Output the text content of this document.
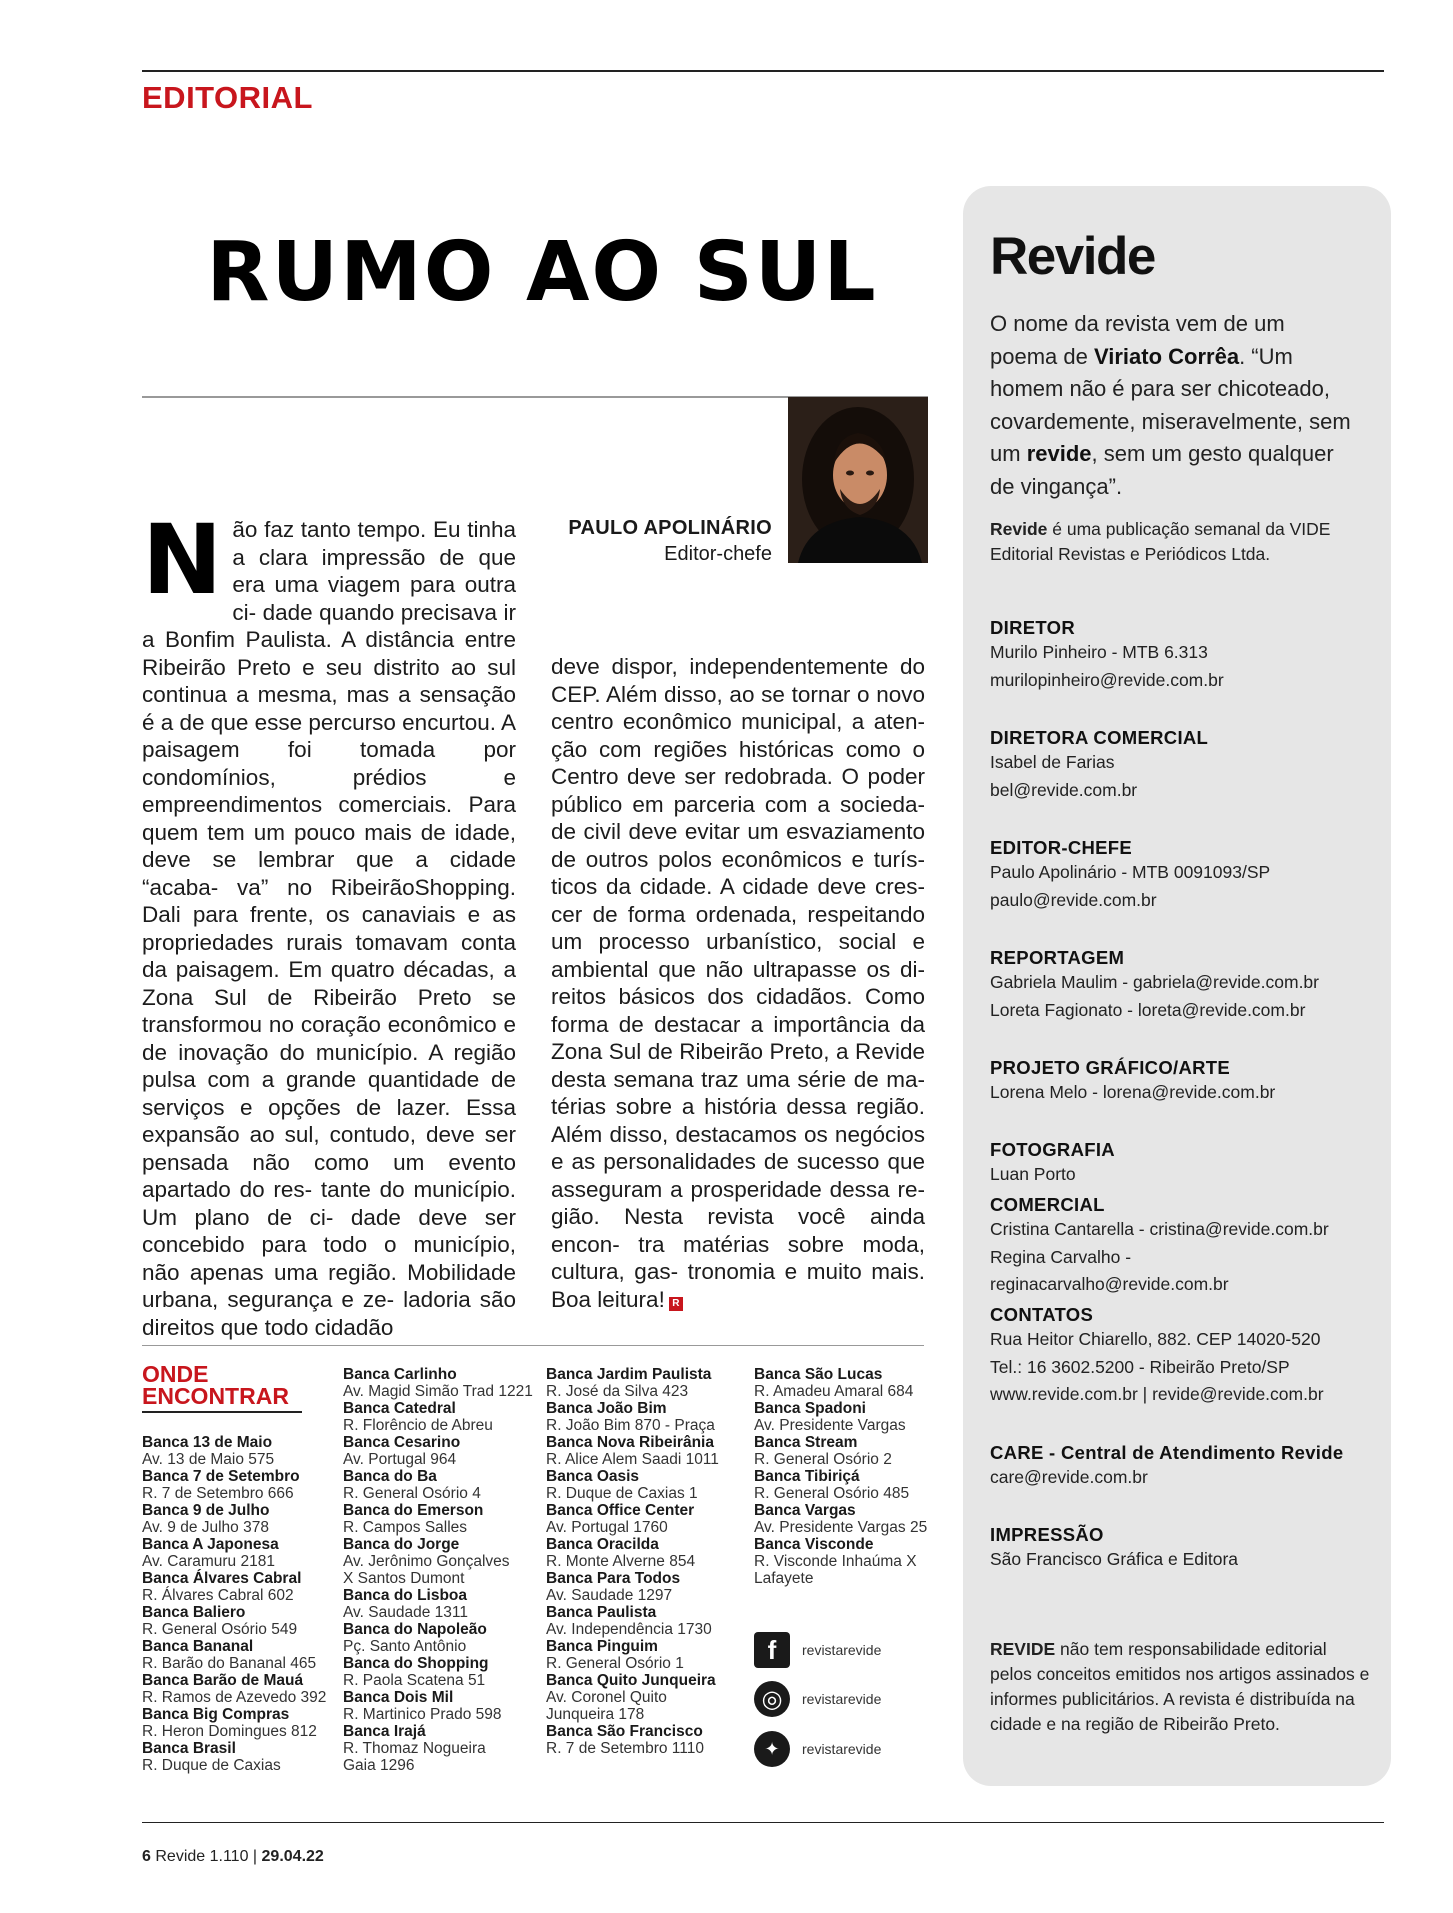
EDITORIAL
RUMO AO SUL
PAULO APOLINÁRIO
Editor-chefe
N ão faz tanto tempo. Eu tinha a clara impressão de que era uma viagem para outra ci- dade quando precisava ir a Bonfim Paulista. A distância entre Ribeirão Preto e seu distrito ao sul continua a mesma, mas a sensação é a de que esse percurso encurtou. A paisagem foi tomada por condomínios, prédios e empreendimentos comerciais. Para quem tem um pouco mais de idade, deve se lembrar que a cidade “acaba- va” no RibeirãoShopping. Dali para frente, os canaviais e as propriedades rurais tomavam conta da paisagem. Em quatro décadas, a Zona Sul de Ribeirão Preto se transformou no coração econômico e de inovação do município. A região pulsa com a grande quantidade de serviços e opções de lazer. Essa expansão ao sul, contudo, deve ser pensada não como um evento apartado do res- tante do município. Um plano de ci- dade deve ser concebido para todo o município, não apenas uma região. Mobilidade urbana, segurança e ze- ladoria são direitos que todo cidadão

deve dispor, independentemente do CEP. Além disso, ao se tornar o novo centro econômico municipal, a aten- ção com regiões históricas como o Centro deve ser redobrada. O poder público em parceria com a socieda- de civil deve evitar um esvaziamento de outros polos econômicos e turís- ticos da cidade. A cidade deve cres- cer de forma ordenada, respeitando um processo urbanístico, social e ambiental que não ultrapasse os di- reitos básicos dos cidadãos. Como forma de destacar a importância da Zona Sul de Ribeirão Preto, a Revide desta semana traz uma série de ma- térias sobre a história dessa região. Além disso, destacamos os negócios e as personalidades de sucesso que asseguram a prosperidade dessa re- gião. Nesta revista você ainda encon- tra matérias sobre moda, cultura, gas- tronomia e muito mais. Boa leitura! R

ONDE
ENCONTRAR
Banca 13 de Maio
Av. 13 de Maio 575
Banca 7 de Setembro
R. 7 de Setembro 666
Banca 9 de Julho
Av. 9 de Julho 378
Banca A Japonesa
Av. Caramuru 2181
Banca Álvares Cabral
R. Álvares Cabral 602
Banca Baliero
R. General Osório 549
Banca Bananal
R. Barão do Bananal 465
Banca Barão de Mauá
R. Ramos de Azevedo 392
Banca Big Compras
R. Heron Domingues 812
Banca Brasil
R. Duque de Caxias
Banca Carlinho
Av. Magid Simão Trad 1221
Banca Catedral
R. Florêncio de Abreu
Banca Cesarino
Av. Portugal 964
Banca do Ba
R. General Osório 4
Banca do Emerson
R. Campos Salles
Banca do Jorge
Av. Jerônimo Gonçalves
X Santos Dumont
Banca do Lisboa
Av. Saudade 1311
Banca do Napoleão
Pç. Santo Antônio
Banca do Shopping
R. Paola Scatena 51
Banca Dois Mil
R. Martinico Prado 598
Banca Irajá
R. Thomaz Nogueira
Gaia 1296
Banca Jardim Paulista
R. José da Silva 423
Banca João Bim
R. João Bim 870 - Praça
Banca Nova Ribeirânia
R. Alice Alem Saadi 1011
Banca Oasis
R. Duque de Caxias 1
Banca Office Center
Av. Portugal 1760
Banca Oracilda
R. Monte Alverne 854
Banca Para Todos
Av. Saudade 1297
Banca Paulista
Av. Independência 1730
Banca Pinguim
R. General Osório 1
Banca Quito Junqueira
Av. Coronel Quito
Junqueira 178
Banca São Francisco
R. 7 de Setembro 1110
Banca São Lucas
R. Amadeu Amaral 684
Banca Spadoni
Av. Presidente Vargas
Banca Stream
R. General Osório 2
Banca Tibiriçá
R. General Osório 485
Banca Vargas
Av. Presidente Vargas 25
Banca Visconde
R. Visconde Inhaúma X
Lafayete
f	revistarevide
◎	revistarevide
✦	revistarevide
Revide
O nome da revista vem de um poema de Viriato Corrêa. “Um homem não é para ser chicoteado, covardemente, miseravelmente, sem um revide, sem um gesto qualquer de vingança”.
Revide é uma publicação semanal da VIDE Editorial Revistas e Periódicos Ltda.
DIRETOR
Murilo Pinheiro - MTB 6.313
murilopinheiro@revide.com.br
DIRETORA COMERCIAL
Isabel de Farias
bel@revide.com.br
EDITOR-CHEFE
Paulo Apolinário - MTB 0091093/SP
paulo@revide.com.br
REPORTAGEM
Gabriela Maulim - gabriela@revide.com.br
Loreta Fagionato - loreta@revide.com.br
PROJETO GRÁFICO/ARTE
Lorena Melo - lorena@revide.com.br
FOTOGRAFIA
Luan Porto
COMERCIAL
Cristina Cantarella - cristina@revide.com.br
Regina Carvalho - reginacarvalho@revide.com.br
CONTATOS
Rua Heitor Chiarello, 882. CEP 14020-520
Tel.: 16 3602.5200 - Ribeirão Preto/SP
www.revide.com.br | revide@revide.com.br
CARE - Central de Atendimento Revide
care@revide.com.br
IMPRESSÃO
São Francisco Gráfica e Editora
REVIDE não tem responsabilidade editorial pelos conceitos emitidos nos artigos assinados e informes publicitários. A revista é distribuída na cidade e na região de Ribeirão Preto.
6 Revide 1.110 | 29.04.22
